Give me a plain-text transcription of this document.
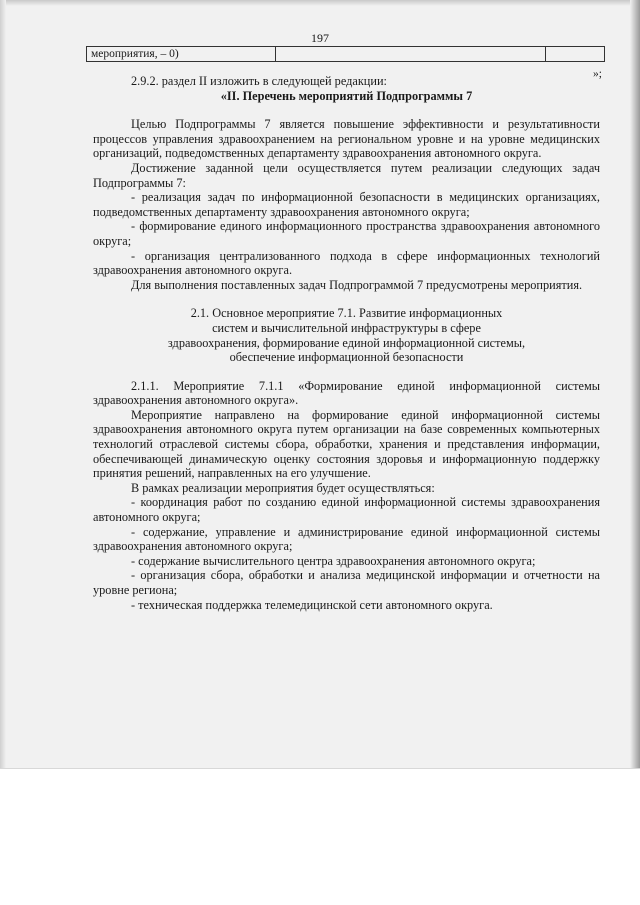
197
мероприятия, – 0)		
»;

2.9.2. раздел II изложить в следующей редакции:

«II. Перечень мероприятий Подпрограммы 7

Целью Подпрограммы 7 является повышение эффективности и результативности процессов управления здравоохранением на региональном уровне и на уровне медицинских организаций, подведомственных департаменту здравоохранения автономного округа.

Достижение заданной цели осуществляется путем реализации следующих задач Подпрограммы 7:

- реализация задач по информационной безопасности в медицинских организациях, подведомственных департаменту здравоохранения автономного округа;

- формирование единого информационного пространства здравоохранения автономного округа;

- организация централизованного подхода в сфере информационных технологий здравоохранения автономного округа.

Для выполнения поставленных задач Подпрограммой 7 предусмотрены мероприятия.

2.1. Основное мероприятие 7.1. Развитие информационных

систем и вычислительной инфраструктуры в сфере

здравоохранения, формирование единой информационной системы,

обеспечение информационной безопасности

2.1.1. Мероприятие 7.1.1 «Формирование единой информационной системы здравоохранения автономного округа».

Мероприятие направлено на формирование единой информационной системы здравоохранения автономного округа путем организации на базе современных компьютерных технологий отраслевой системы сбора, обработки, хранения и представления информации, обеспечивающей динамическую оценку состояния здоровья и информационную поддержку принятия решений, направленных на его улучшение.

В рамках реализации мероприятия будет осуществляться:

- координация работ по созданию единой информационной системы здравоохранения автономного округа;

- содержание, управление и администрирование единой информационной системы здравоохранения автономного округа;

- содержание вычислительного центра здравоохранения автономного округа;

- организация сбора, обработки и анализа медицинской информации и отчетности на уровне региона;

- техническая поддержка телемедицинской сети автономного округа.
